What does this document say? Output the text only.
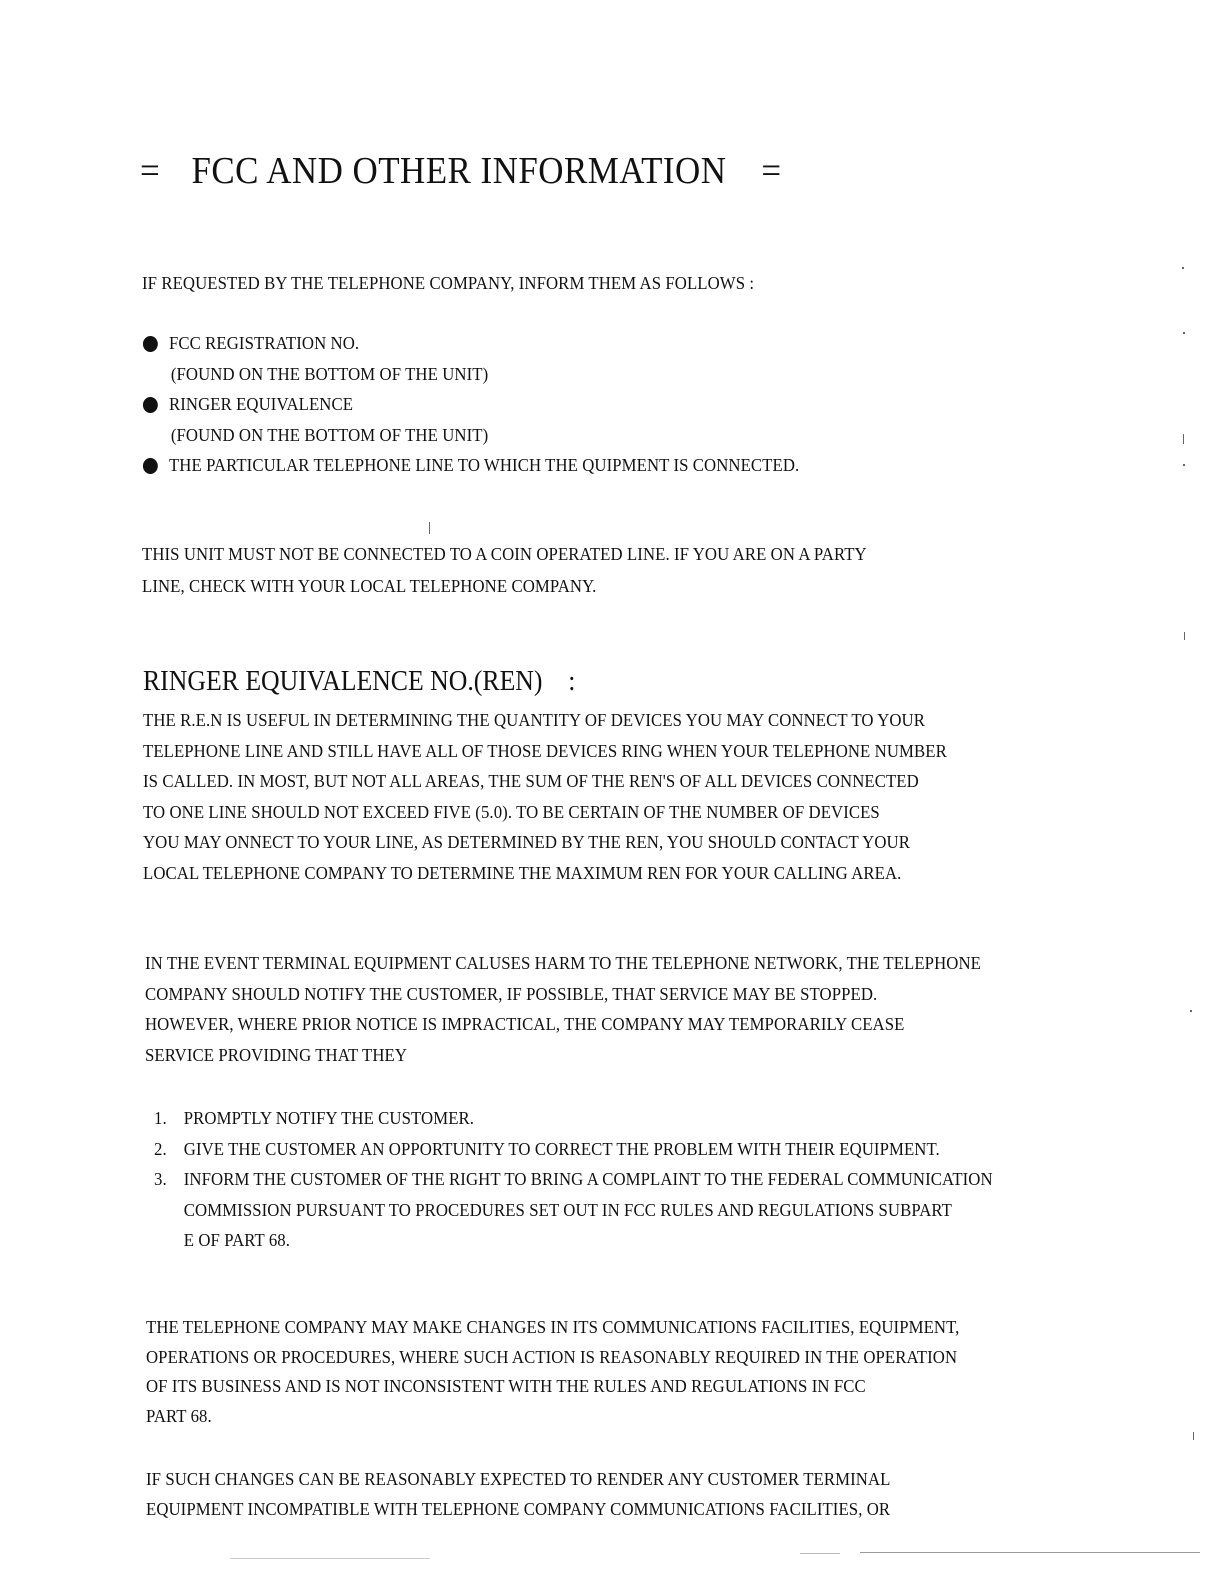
= FCC AND OTHER INFORMATION =

IF REQUESTED BY THE TELEPHONE COMPANY, INFORM THEM AS FOLLOWS :

FCC REGISTRATION NO.
(FOUND ON THE BOTTOM OF THE UNIT)
RINGER EQUIVALENCE
(FOUND ON THE BOTTOM OF THE UNIT)
THE PARTICULAR TELEPHONE LINE TO WHICH THE QUIPMENT IS CONNECTED.
THIS UNIT MUST NOT BE CONNECTED TO A COIN OPERATED LINE. IF YOU ARE ON A PARTY
LINE, CHECK WITH YOUR LOCAL TELEPHONE COMPANY.
RINGER EQUIVALENCE NO.(REN) :
THE R.E.N IS USEFUL IN DETERMINING THE QUANTITY OF DEVICES YOU MAY CONNECT TO YOUR
TELEPHONE LINE AND STILL HAVE ALL OF THOSE DEVICES RING WHEN YOUR TELEPHONE NUMBER
IS CALLED. IN MOST, BUT NOT ALL AREAS, THE SUM OF THE REN'S OF ALL DEVICES CONNECTED
TO ONE LINE SHOULD NOT EXCEED FIVE (5.0). TO BE CERTAIN OF THE NUMBER OF DEVICES
YOU MAY ONNECT TO YOUR LINE, AS DETERMINED BY THE REN, YOU SHOULD CONTACT YOUR
LOCAL TELEPHONE COMPANY TO DETERMINE THE MAXIMUM REN FOR YOUR CALLING AREA.
IN THE EVENT TERMINAL EQUIPMENT CALUSES HARM TO THE TELEPHONE NETWORK, THE TELEPHONE
COMPANY SHOULD NOTIFY THE CUSTOMER, IF POSSIBLE, THAT SERVICE MAY BE STOPPED.
HOWEVER, WHERE PRIOR NOTICE IS IMPRACTICAL, THE COMPANY MAY TEMPORARILY CEASE
SERVICE PROVIDING THAT THEY
1. PROMPTLY NOTIFY THE CUSTOMER.
2. GIVE THE CUSTOMER AN OPPORTUNITY TO CORRECT THE PROBLEM WITH THEIR EQUIPMENT.
3. INFORM THE CUSTOMER OF THE RIGHT TO BRING A COMPLAINT TO THE FEDERAL COMMUNICATION
COMMISSION PURSUANT TO PROCEDURES SET OUT IN FCC RULES AND REGULATIONS SUBPART
E OF PART 68.
THE TELEPHONE COMPANY MAY MAKE CHANGES IN ITS COMMUNICATIONS FACILITIES, EQUIPMENT,
OPERATIONS OR PROCEDURES, WHERE SUCH ACTION IS REASONABLY REQUIRED IN THE OPERATION
OF ITS BUSINESS AND IS NOT INCONSISTENT WITH THE RULES AND REGULATIONS IN FCC
PART 68.
IF SUCH CHANGES CAN BE REASONABLY EXPECTED TO RENDER ANY CUSTOMER TERMINAL
EQUIPMENT INCOMPATIBLE WITH TELEPHONE COMPANY COMMUNICATIONS FACILITIES, OR
